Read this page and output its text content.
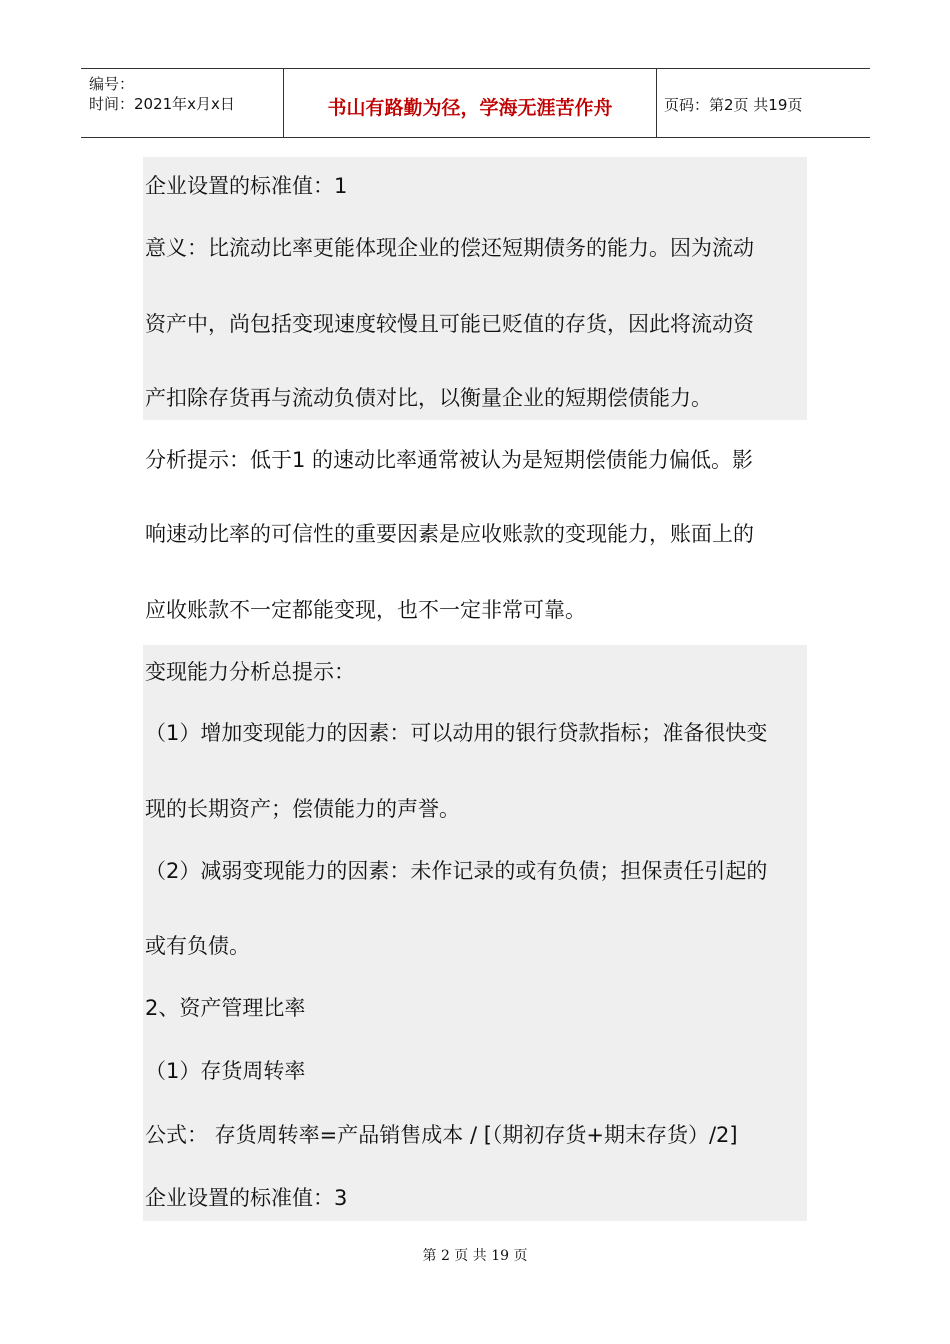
编号：
时间：2021年x月x日	书山有路勤为径，学海无涯苦作舟	页码：第2页 共19页
企业设置的标准值：1
意义：比流动比率更能体现企业的偿还短期债务的能力。因为流动
资产中，尚包括变现速度较慢且可能已贬值的存货，因此将流动资
产扣除存货再与流动负债对比，以衡量企业的短期偿债能力。
分析提示：低于1 的速动比率通常被认为是短期偿债能力偏低。影
响速动比率的可信性的重要因素是应收账款的变现能力，账面上的
应收账款不一定都能变现，也不一定非常可靠。
变现能力分析总提示：
（1）增加变现能力的因素：可以动用的银行贷款指标；准备很快变
现的长期资产；偿债能力的声誉。
（2）减弱变现能力的因素：未作记录的或有负债；担保责任引起的
或有负债。
2、资产管理比率
（1）存货周转率
公式： 存货周转率=产品销售成本 / [（期初存货+期末存货）/2]
企业设置的标准值：3
第 2 页 共 19 页
